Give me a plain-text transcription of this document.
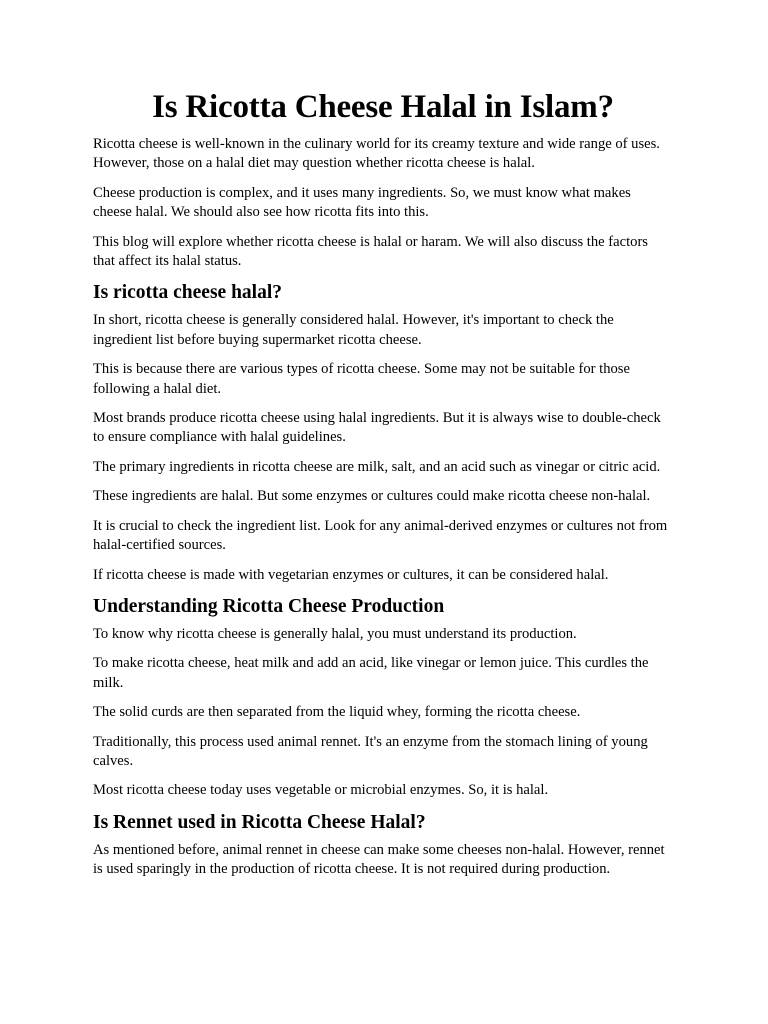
Is Ricotta Cheese Halal in Islam?

Ricotta cheese is well-known in the culinary world for its creamy texture and wide range of uses. However, those on a halal diet may question whether ricotta cheese is halal.

Cheese production is complex, and it uses many ingredients. So, we must know what makes cheese halal. We should also see how ricotta fits into this.

This blog will explore whether ricotta cheese is halal or haram. We will also discuss the factors that affect its halal status.

Is ricotta cheese halal?

In short, ricotta cheese is generally considered halal. However, it's important to check the ingredient list before buying supermarket ricotta cheese.

This is because there are various types of ricotta cheese. Some may not be suitable for those following a halal diet.

Most brands produce ricotta cheese using halal ingredients. But it is always wise to double-check to ensure compliance with halal guidelines.

The primary ingredients in ricotta cheese are milk, salt, and an acid such as vinegar or citric acid.

These ingredients are halal. But some enzymes or cultures could make ricotta cheese non-halal.

It is crucial to check the ingredient list. Look for any animal-derived enzymes or cultures not from halal-certified sources.

If ricotta cheese is made with vegetarian enzymes or cultures, it can be considered halal.

Understanding Ricotta Cheese Production

To know why ricotta cheese is generally halal, you must understand its production.

To make ricotta cheese, heat milk and add an acid, like vinegar or lemon juice. This curdles the milk.

The solid curds are then separated from the liquid whey, forming the ricotta cheese.

Traditionally, this process used animal rennet. It's an enzyme from the stomach lining of young calves.

Most ricotta cheese today uses vegetable or microbial enzymes. So, it is halal.

Is Rennet used in Ricotta Cheese Halal?

As mentioned before, animal rennet in cheese can make some cheeses non-halal. However, rennet is used sparingly in the production of ricotta cheese. It is not required during production.
